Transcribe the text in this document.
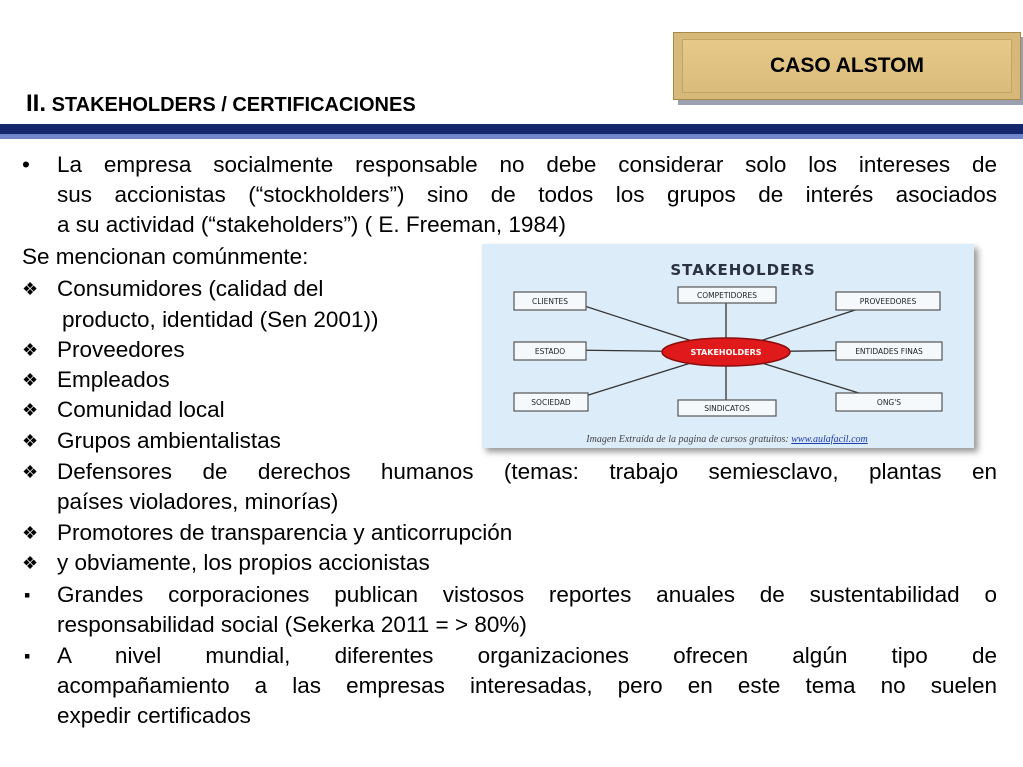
CASO ALSTOM
II. STAKEHOLDERS / CERTIFICACIONES
• La empresa socialmente responsable no debe considerar solo los intereses de
sus accionistas (“stockholders”) sino de todos los grupos de interés asociados
a su actividad (“stakeholders”) ( E. Freeman, 1984)
Se mencionan comúnmente:
❖ Consumidores (calidad del
producto, identidad (Sen 2001))
❖ Proveedores
❖ Empleados
❖ Comunidad local
❖ Grupos ambientalistas
❖ Defensores de derechos humanos (temas: trabajo semiesclavo, plantas en
países violadores, minorías)
❖ Promotores de transparencia y anticorrupción
❖ y obviamente, los propios accionistas
▪ Grandes corporaciones publican vistosos reportes anuales de sustentabilidad o
responsabilidad social (Sekerka 2011 = > 80%)
▪ A nivel mundial, diferentes organizaciones ofrecen algún tipo de
acompañamiento a las empresas interesadas, pero en este tema no suelen
expedir certificados
STAKEHOLDERS
CLIENTES
COMPETIDORES
PROVEEDORES
ESTADO	ENTIDADES FINAS
SOCIEDAD
SINDICATOS
ONG'S
STAKEHOLDERS
Imagen Extraída de la pagina de cursos gratuitos: www.aulafacil.com
